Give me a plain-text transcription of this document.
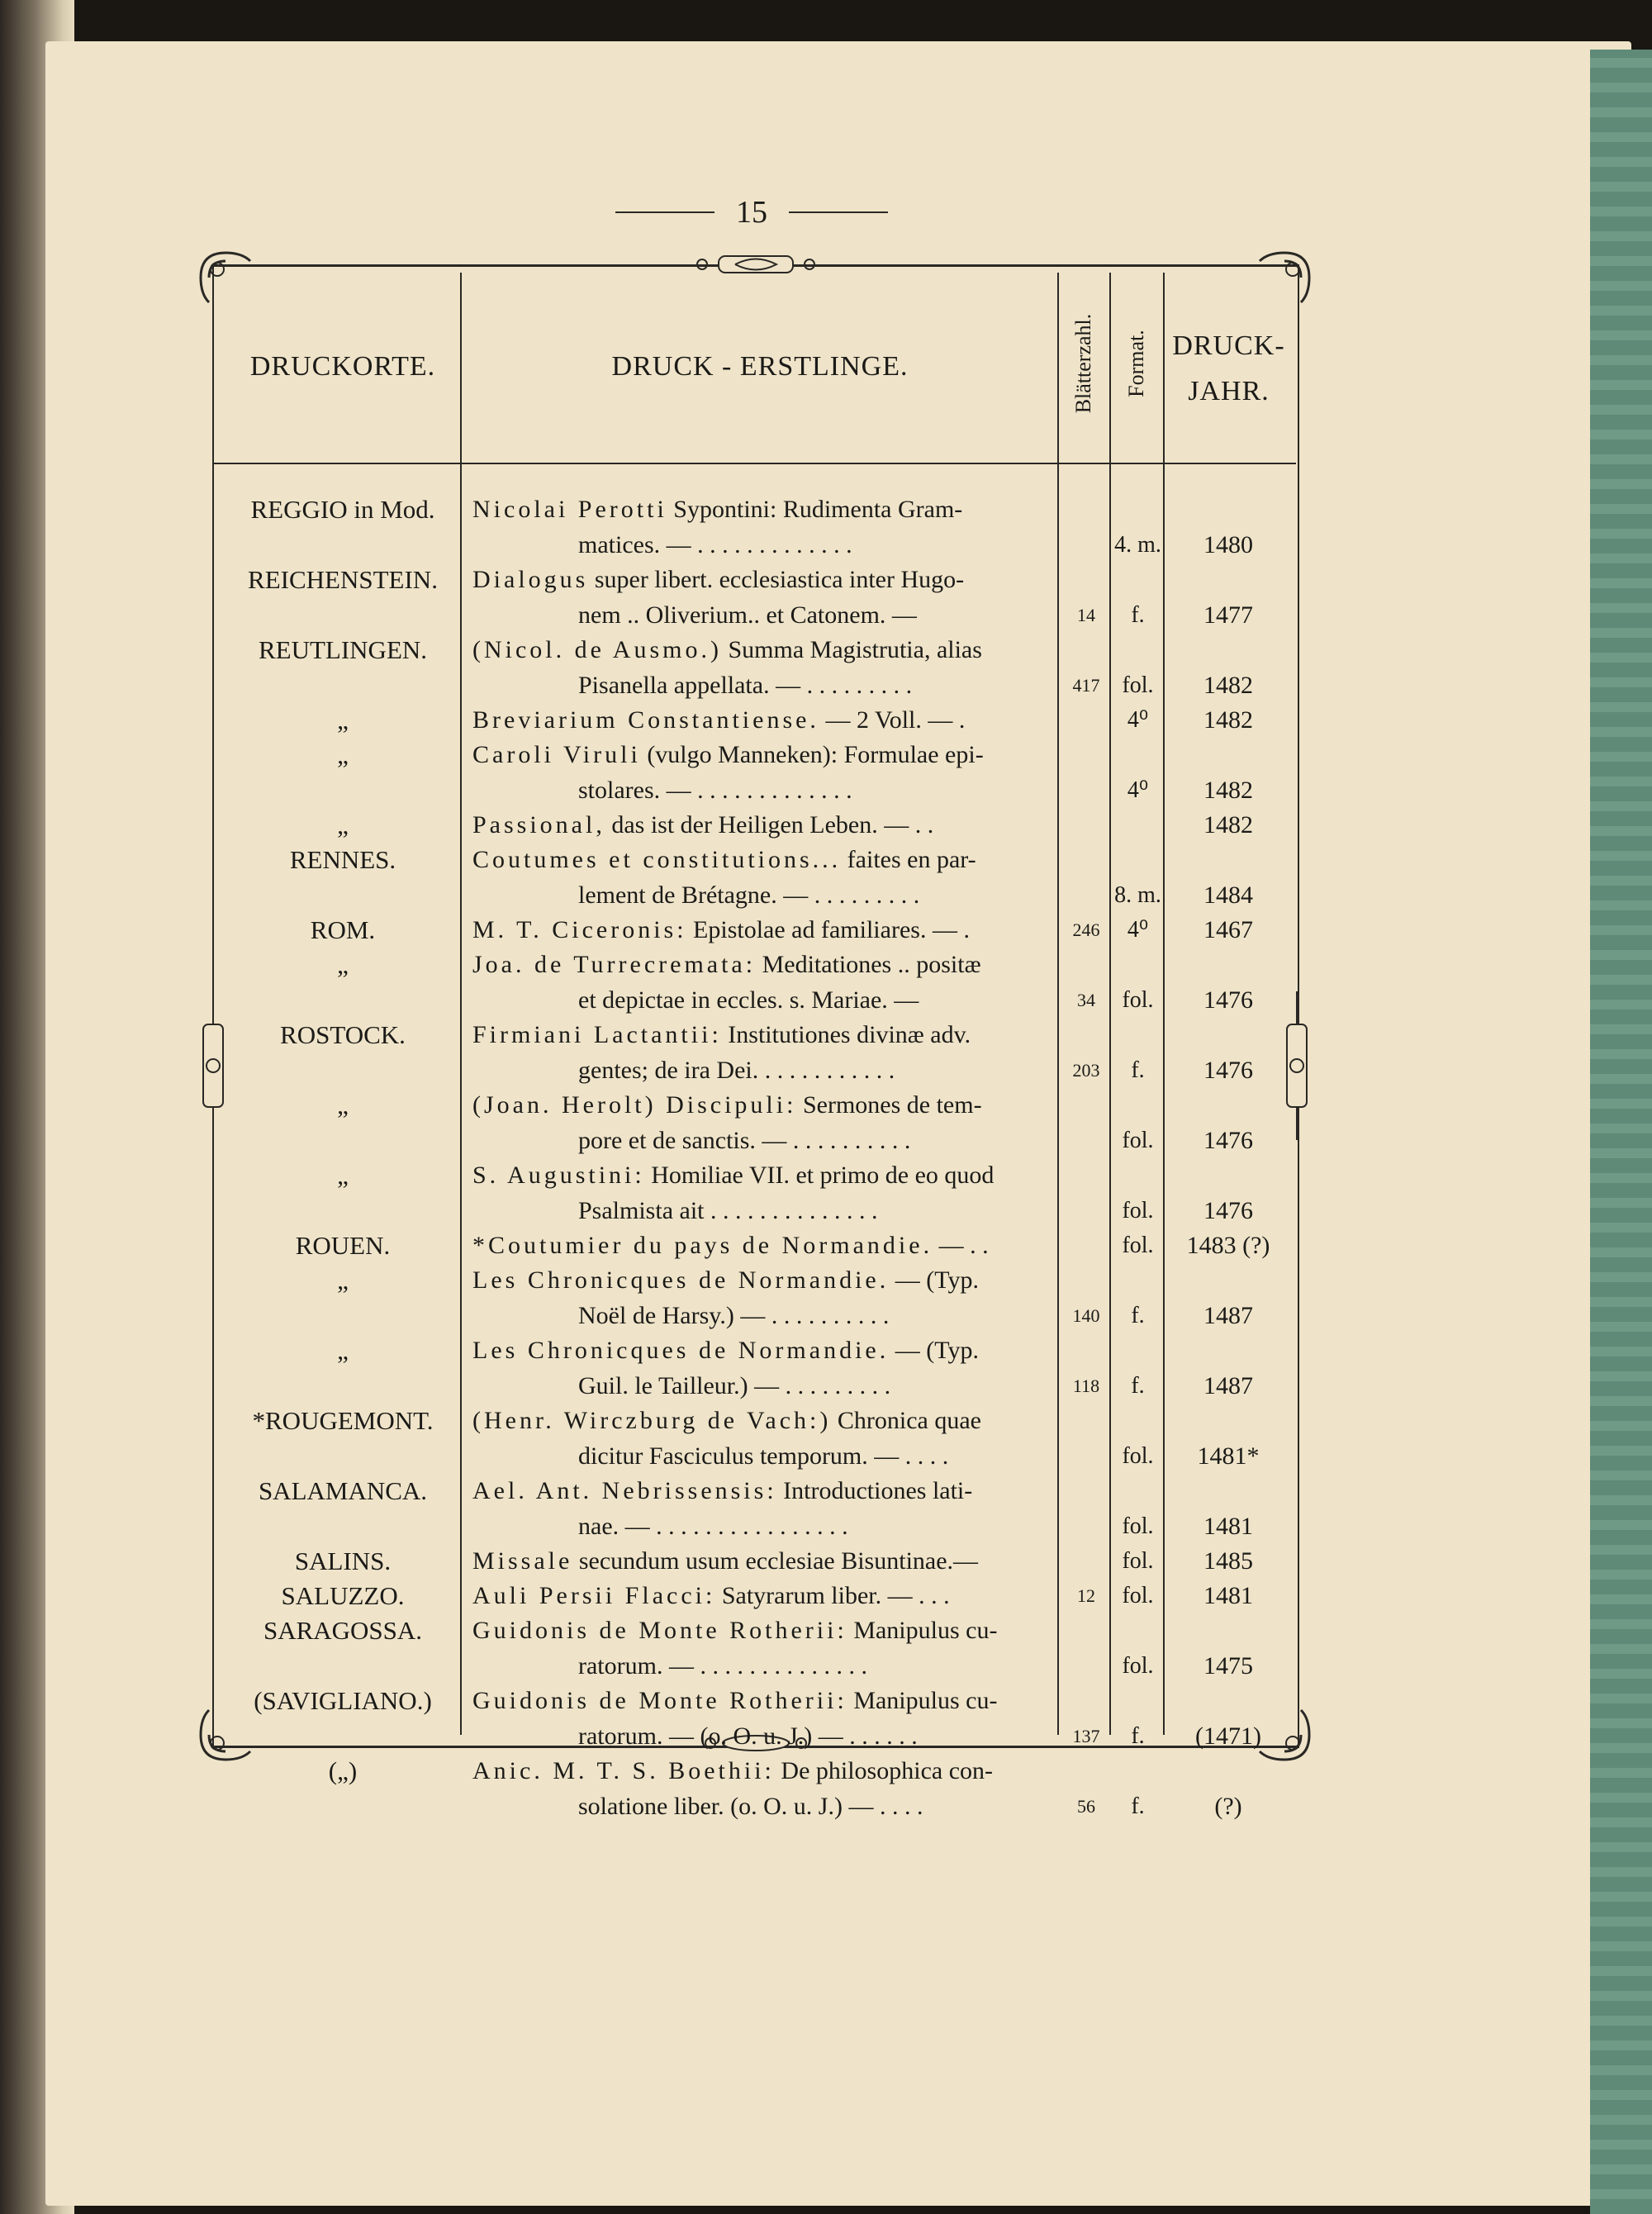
15
DRUCKORTE.	DRUCK - ERSTLINGE.	Blätterzahl. Format. DRUCK-
JAHR.
REGGIO in Mod.	Nicolai Perotti Sypontini: Rudimenta Gram-
matices. — . . . . . . . . . . . . .	4. m.	1480
REICHENSTEIN.	Dialogus super libert. ecclesiastica inter Hugo-
nem .. Oliverium.. et Catonem. —	14	f.	1477
REUTLINGEN.	(Nicol. de Ausmo.) Summa Magistrutia, alias
Pisanella appellata. — . . . . . . . . .	417 fol.	1482
„	Breviarium Constantiense. — 2 Voll. — .	4⁰	1482
„	Caroli Viruli (vulgo Manneken): Formulae epi-
stolares. — . . . . . . . . . . . . .	4⁰	1482
„	Passional, das ist der Heiligen Leben. — . .	1482
RENNES.	Coutumes et constitutions... faites en par-
lement de Brétagne. — . . . . . . . . .	8. m.	1484
ROM.	M. T. Ciceronis: Epistolae ad familiares. — .	246	4⁰	1467
„	Joa. de Turrecremata: Meditationes .. positæ
et depictae in eccles. s. Mariae. —	34	fol.	1476
ROSTOCK.	Firmiani Lactantii: Institutiones divinæ adv.
gentes; de ira Dei. . . . . . . . . . . .	203	f.	1476
„	(Joan. Herolt) Discipuli: Sermones de tem-
pore et de sanctis. — . . . . . . . . . .	fol.	1476
„	S. Augustini: Homiliae VII. et primo de eo quod
Psalmista ait . . . . . . . . . . . . . .	fol.	1476
ROUEN.	*Coutumier du pays de Normandie. — . .	fol.	1483 (?)
„	Les Chronicques de Normandie. — (Typ.
Noël de Harsy.) — . . . . . . . . . .	140	f.	1487
„	Les Chronicques de Normandie. — (Typ.
Guil. le Tailleur.) — . . . . . . . . .	118	f.	1487
*ROUGEMONT.	(Henr. Wirczburg de Vach:) Chronica quae
dicitur Fasciculus temporum. — . . . .	fol.	1481*
SALAMANCA.	Ael. Ant. Nebrissensis: Introductiones lati-
nae. — . . . . . . . . . . . . . . . .	fol.	1481
SALINS.	Missale secundum usum ecclesiae Bisuntinae.—	fol.	1485
SALUZZO.	Auli Persii Flacci: Satyrarum liber. — . . .	12	fol.	1481
SARAGOSSA.	Guidonis de Monte Rotherii: Manipulus cu-
ratorum. — . . . . . . . . . . . . . .	fol.	1475
(SAVIGLIANO.)	Guidonis de Monte Rotherii: Manipulus cu-
ratorum. — (o. O. u. J.) — . . . . . .	137	f.	(1471)
(„)	Anic. M. T. S. Boethii: De philosophica con-
solatione liber. (o. O. u. J.) — . . . .	56	f.	(?)
